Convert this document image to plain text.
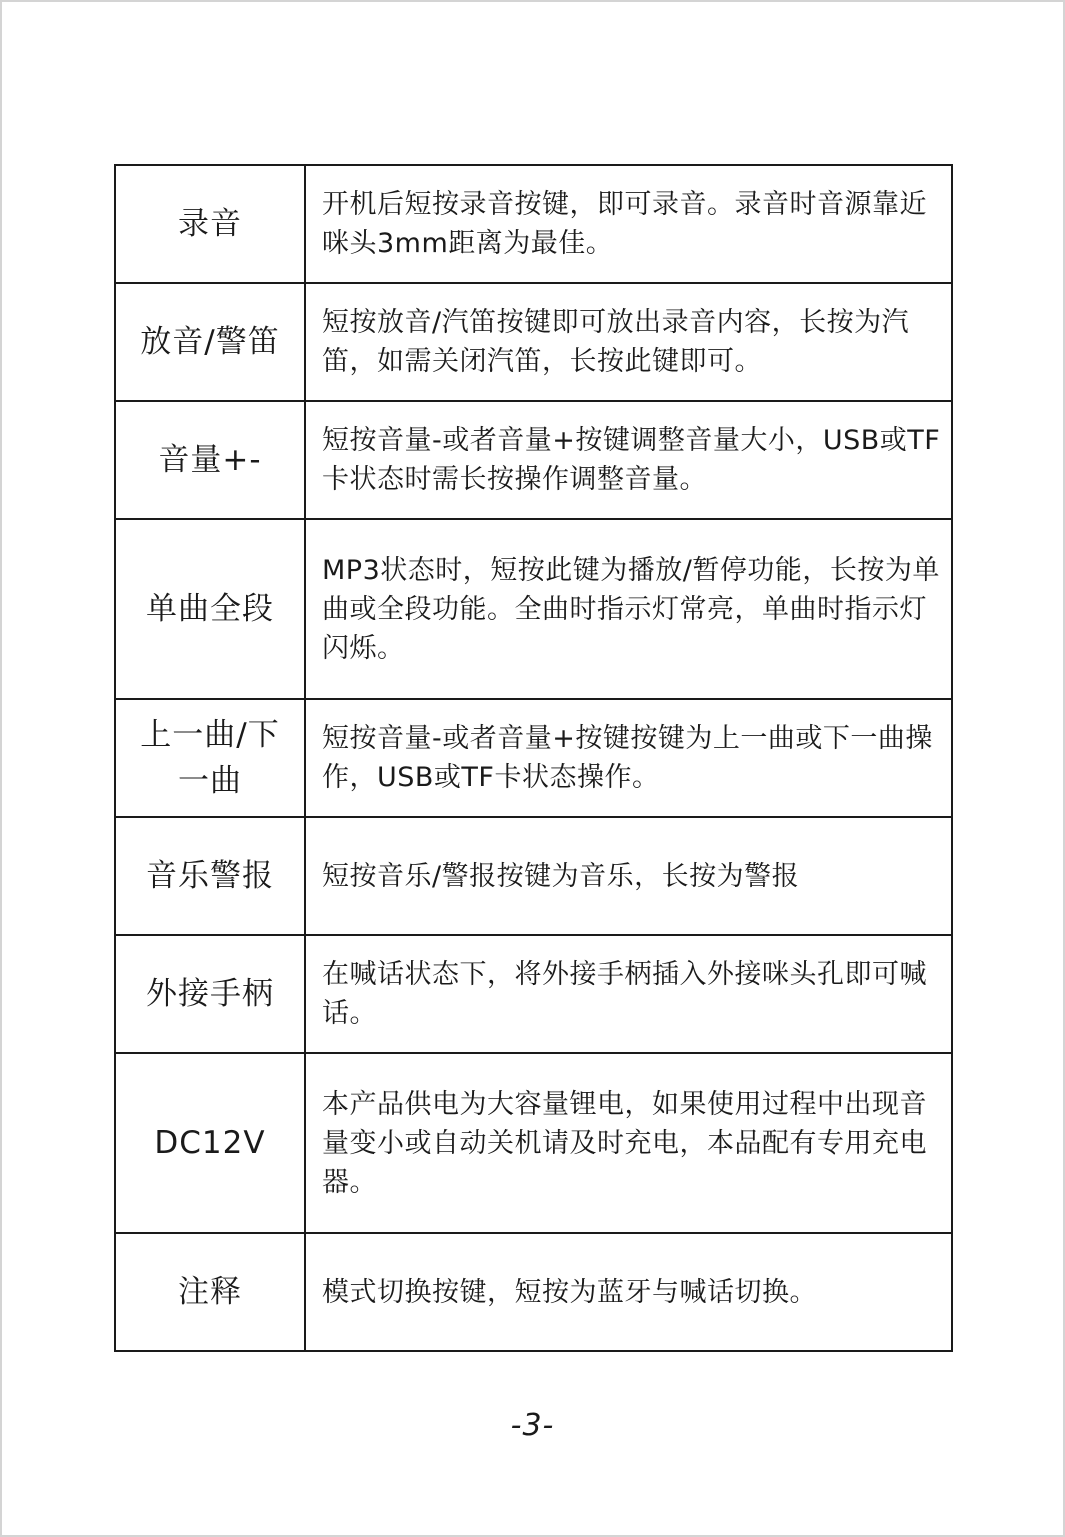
录音	开机后短按录音按键，即可录音。录音时音源靠近咪头3mm距离为最佳。
放音/警笛	短按放音/汽笛按键即可放出录音内容，长按为汽笛，如需关闭汽笛，长按此键即可。
音量+-	短按音量-或者音量+按键调整音量大小，USB或TF卡状态时需长按操作调整音量。
单曲全段	MP3状态时，短按此键为播放/暂停功能，长按为单曲或全段功能。全曲时指示灯常亮，单曲时指示灯闪烁。
上一曲/下一曲	短按音量-或者音量+按键按键为上一曲或下一曲操作，USB或TF卡状态操作。
音乐警报	短按音乐/警报按键为音乐，长按为警报
外接手柄	在喊话状态下，将外接手柄插入外接咪头孔即可喊话。
DC12V	本产品供电为大容量锂电，如果使用过程中出现音量变小或自动关机请及时充电，本品配有专用充电器。
注释	模式切换按键，短按为蓝牙与喊话切换。
-3-
